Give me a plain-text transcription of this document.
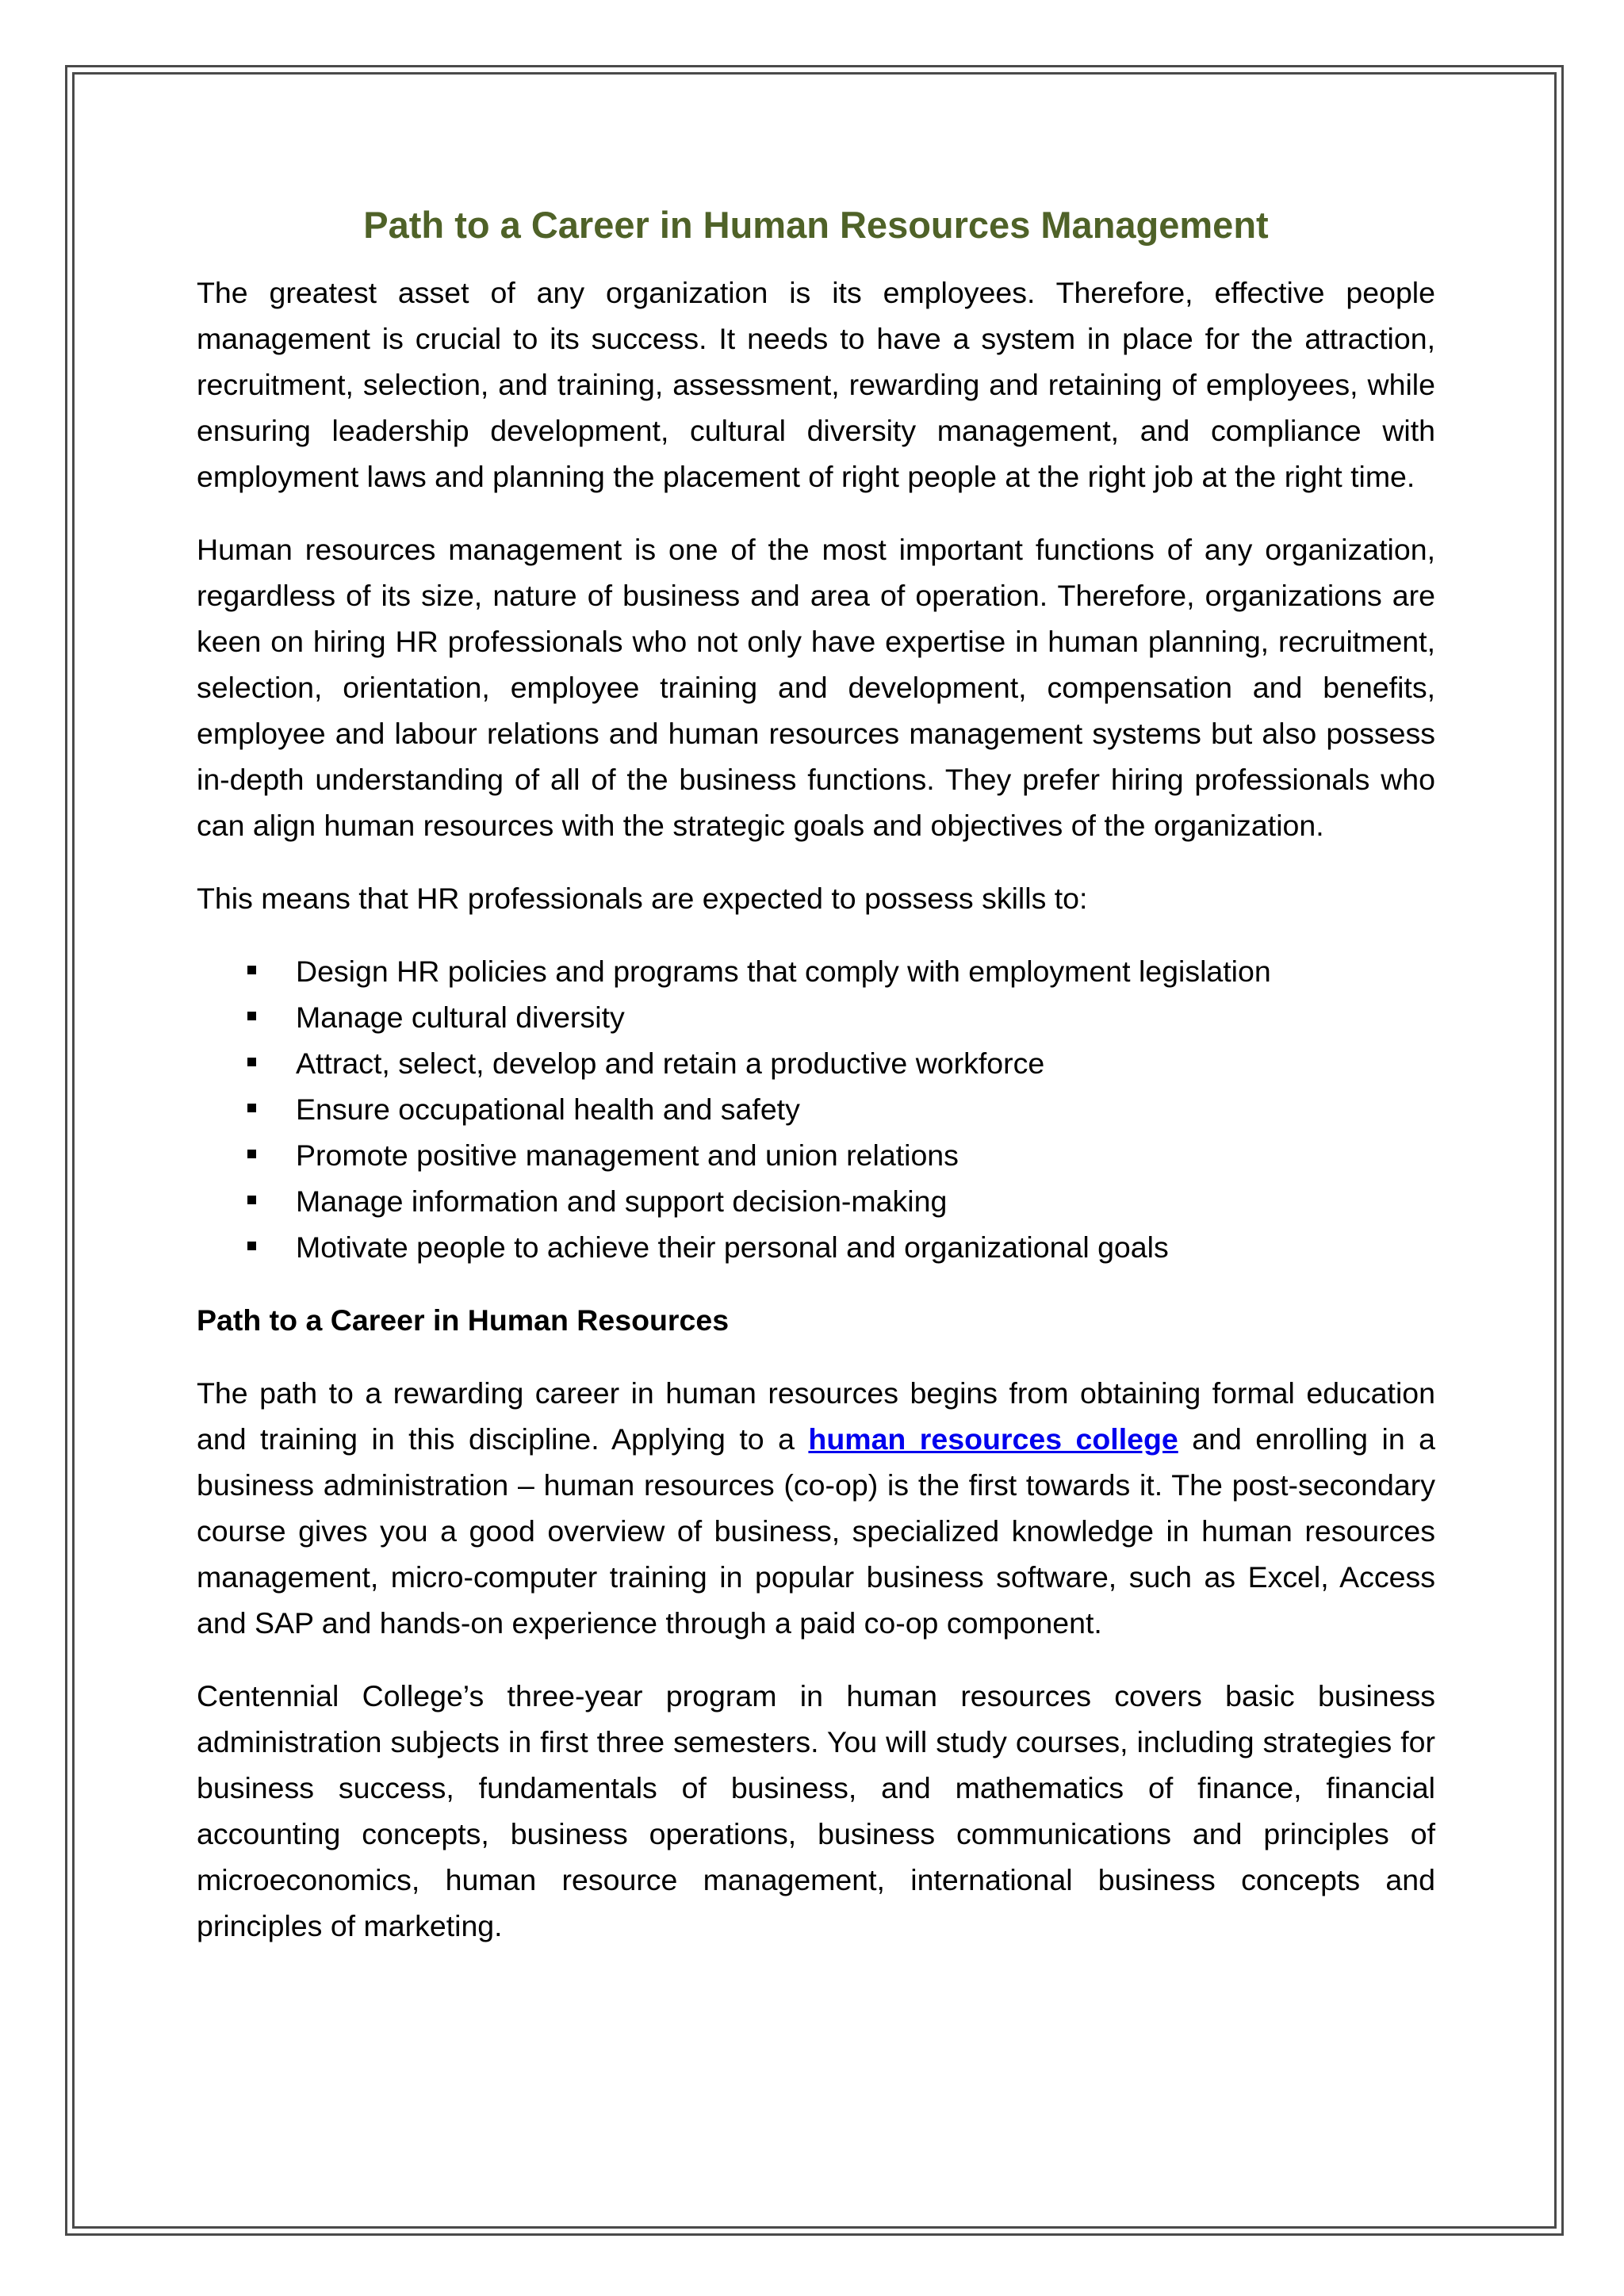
Path to a Career in Human Resources Management

The greatest asset of any organization is its employees. Therefore, effective people management is crucial to its success. It needs to have a system in place for the attraction, recruitment, selection, and training, assessment, rewarding and retaining of employees, while ensuring leadership development, cultural diversity management, and compliance with employment laws and planning the placement of right people at the right job at the right time.

Human resources management is one of the most important functions of any organization, regardless of its size, nature of business and area of operation. Therefore, organizations are keen on hiring HR professionals who not only have expertise in human planning, recruitment, selection, orientation, employee training and development, compensation and benefits, employee and labour relations and human resources management systems but also possess in-depth understanding of all of the business functions. They prefer hiring professionals who can align human resources with the strategic goals and objectives of the organization.

This means that HR professionals are expected to possess skills to:

Design HR policies and programs that comply with employment legislation
Manage cultural diversity
Attract, select, develop and retain a productive workforce
Ensure occupational health and safety
Promote positive management and union relations
Manage information and support decision-making
Motivate people to achieve their personal and organizational goals

Path to a Career in Human Resources

The path to a rewarding career in human resources begins from obtaining formal education and training in this discipline. Applying to a human resources college and enrolling in a business administration – human resources (co-op) is the first towards it. The post-secondary course gives you a good overview of business, specialized knowledge in human resources management, micro-computer training in popular business software, such as Excel, Access and SAP and hands-on experience through a paid co-op component.

Centennial College’s three-year program in human resources covers basic business administration subjects in first three semesters. You will study courses, including strategies for business success, fundamentals of business, and mathematics of finance, financial accounting concepts, business operations, business communications and principles of microeconomics, human resource management, international business concepts and principles of marketing.
